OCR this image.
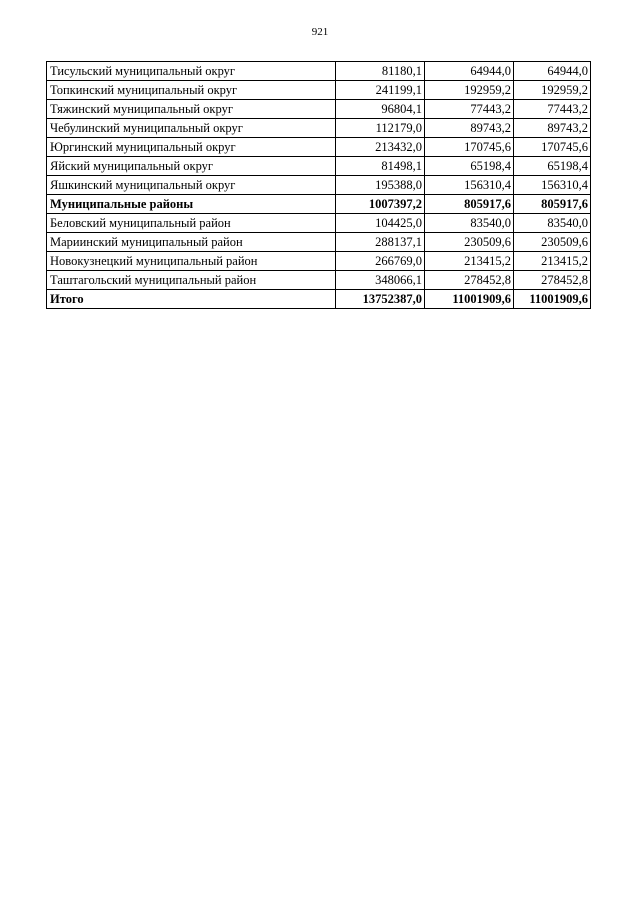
921
Тисульский муниципальный округ	81180,1	64944,0	64944,0
Топкинский муниципальный округ	241199,1	192959,2	192959,2
Тяжинский муниципальный округ	96804,1	77443,2	77443,2
Чебулинский муниципальный округ	112179,0	89743,2	89743,2
Юргинский муниципальный округ	213432,0	170745,6	170745,6
Яйский муниципальный округ	81498,1	65198,4	65198,4
Яшкинский муниципальный округ	195388,0	156310,4	156310,4
Муниципальные районы	1007397,2	805917,6	805917,6
Беловский муниципальный район	104425,0	83540,0	83540,0
Мариинский муниципальный район	288137,1	230509,6	230509,6
Новокузнецкий муниципальный район	266769,0	213415,2	213415,2
Таштагольский муниципальный район	348066,1	278452,8	278452,8
Итого	13752387,0	11001909,6	11001909,6
